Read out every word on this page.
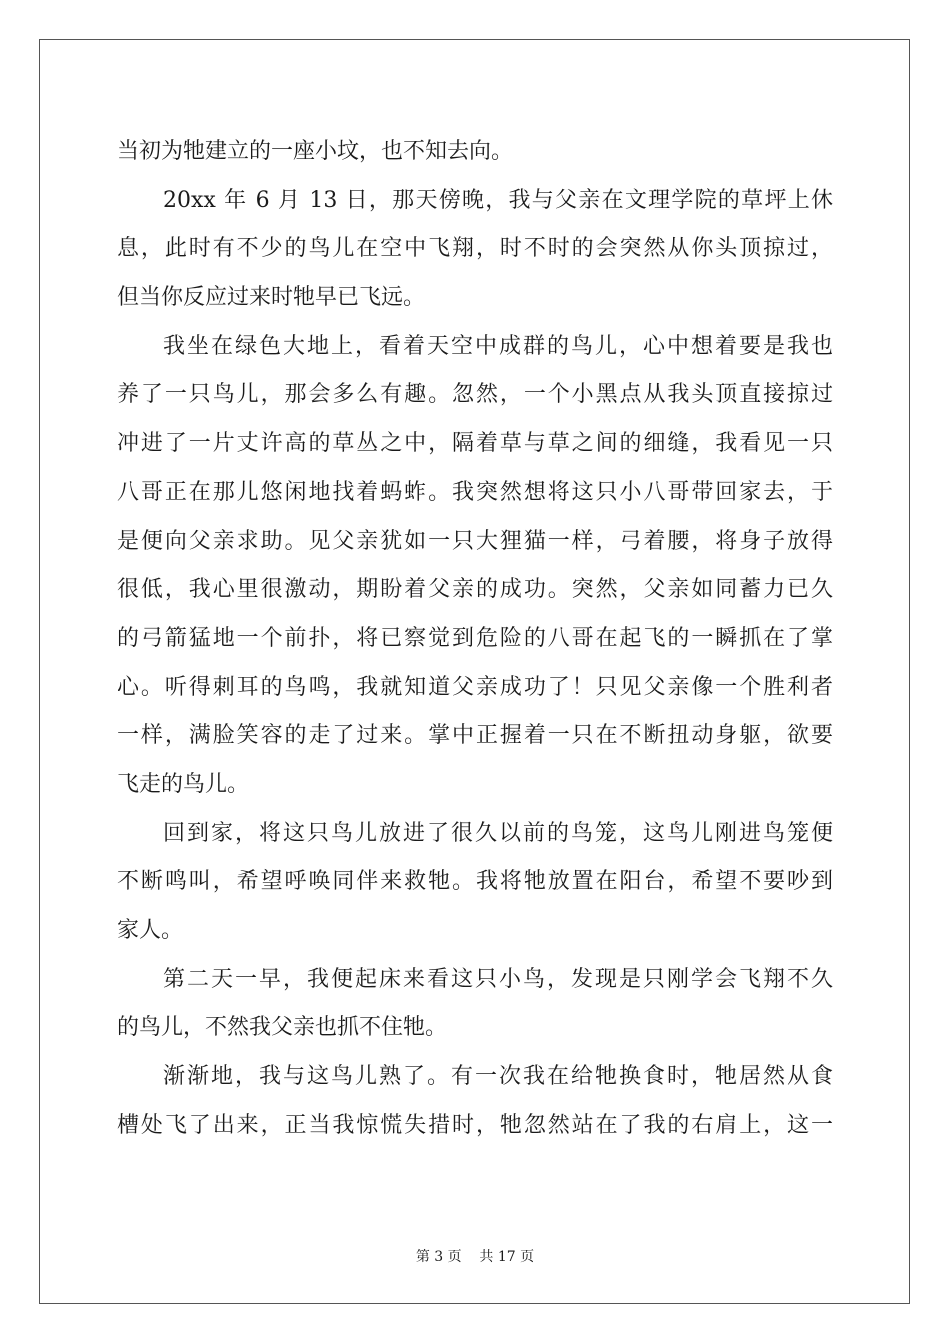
当初为牠建立的一座小坟，也不知去向。
20xx 年 6 月 13 日，那天傍晚，我与父亲在文理学院的草坪上休
息，此时有不少的鸟儿在空中飞翔，时不时的会突然从你头顶掠过，
但当你反应过来时牠早已飞远。
我坐在绿色大地上，看着天空中成群的鸟儿，心中想着要是我也
养了一只鸟儿，那会多么有趣。忽然，一个小黑点从我头顶直接掠过
冲进了一片丈许高的草丛之中，隔着草与草之间的细缝，我看见一只
八哥正在那儿悠闲地找着蚂蚱。我突然想将这只小八哥带回家去，于
是便向父亲求助。见父亲犹如一只大狸猫一样，弓着腰，将身子放得
很低，我心里很激动，期盼着父亲的成功。突然，父亲如同蓄力已久
的弓箭猛地一个前扑，将已察觉到危险的八哥在起飞的一瞬抓在了掌
心。听得刺耳的鸟鸣，我就知道父亲成功了！只见父亲像一个胜利者
一样，满脸笑容的走了过来。掌中正握着一只在不断扭动身躯，欲要
飞走的鸟儿。
回到家，将这只鸟儿放进了很久以前的鸟笼，这鸟儿刚进鸟笼便
不断鸣叫，希望呼唤同伴来救牠。我将牠放置在阳台，希望不要吵到
家人。
第二天一早，我便起床来看这只小鸟，发现是只刚学会飞翔不久
的鸟儿，不然我父亲也抓不住牠。
渐渐地，我与这鸟儿熟了。有一次我在给牠换食时，牠居然从食
槽处飞了出来，正当我惊慌失措时，牠忽然站在了我的右肩上，这一
第 3 页    共 17 页
